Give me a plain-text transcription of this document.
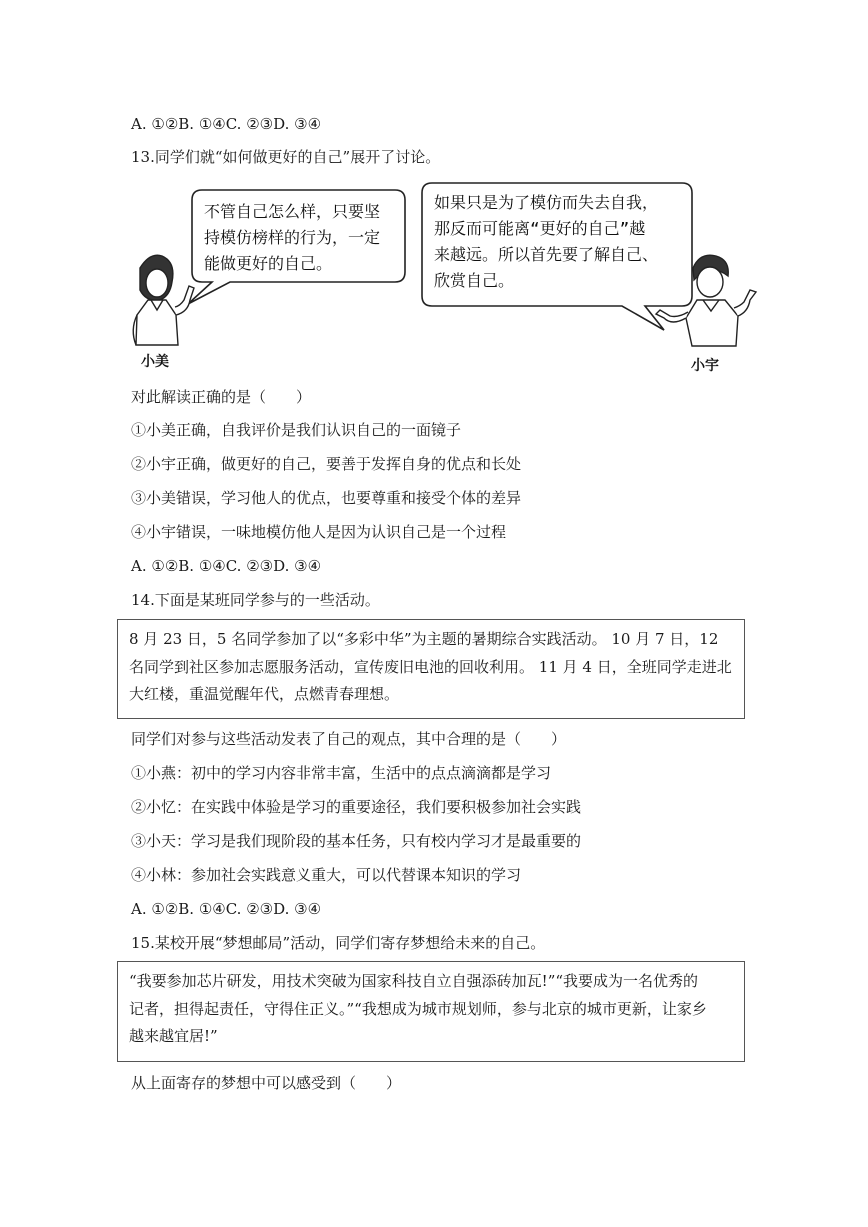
A. ①②B. ①④C. ②③D. ③④
13.同学们就“如何做更好的自己”展开了讨论。
不管自己怎么样，只要坚
持模仿榜样的行为，一定
能做更好的自己。
如果只是为了模仿而失去自我，
那反而可能离“更好的自己”越
来越远。所以首先要了解自己、
欣赏自己。
小美	小宇
对此解读正确的是（　　）
①小美正确，自我评价是我们认识自己的一面镜子
②小宇正确，做更好的自己，要善于发挥自身的优点和长处
③小美错误，学习他人的优点，也要尊重和接受个体的差异
④小宇错误，一味地模仿他人是因为认识自己是一个过程
A. ①②B. ①④C. ②③D. ③④
14.下面是某班同学参与的一些活动。

8 月 23 日，5 名同学参加了以“多彩中华”为主题的暑期综合实践活动。 10 月 7 日，12

名同学到社区参加志愿服务活动，宣传废旧电池的回收利用。 11 月 4 日，全班同学走进北

大红楼，重温觉醒年代，点燃青春理想。

同学们对参与这些活动发表了自己的观点，其中合理的是（　　）
①小燕：初中的学习内容非常丰富，生活中的点点滴滴都是学习
②小忆：在实践中体验是学习的重要途径，我们要积极参加社会实践
③小天：学习是我们现阶段的基本任务，只有校内学习才是最重要的
④小林：参加社会实践意义重大，可以代替课本知识的学习
A. ①②B. ①④C. ②③D. ③④
15.某校开展“梦想邮局”活动，同学们寄存梦想给未来的自己。

“我要参加芯片研发，用技术突破为国家科技自立自强添砖加瓦!”“我要成为一名优秀的

记者，担得起责任，守得住正义。”“我想成为城市规划师，参与北京的城市更新，让家乡

越来越宜居!”

从上面寄存的梦想中可以感受到（　　）
